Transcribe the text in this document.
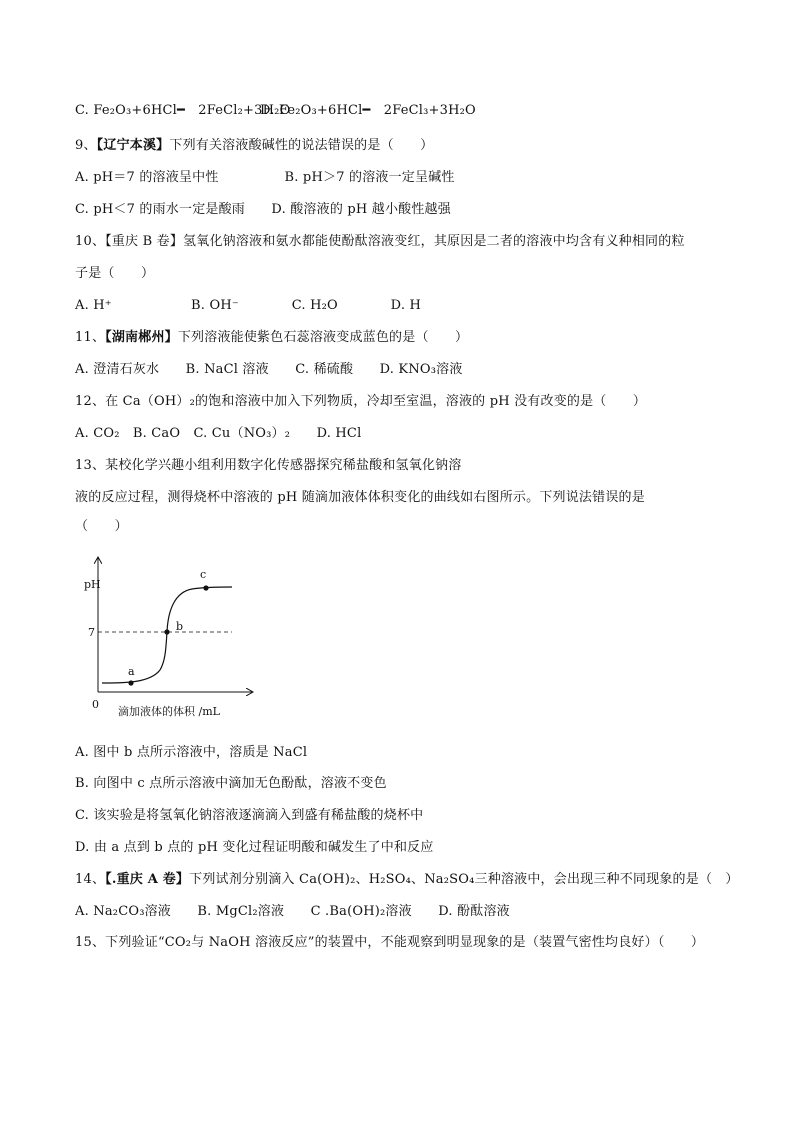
C. Fe₂O₃+6HCl━ 2FeCl₂+3H₂O
D. Fe₂O₃+6HCl━ 2FeCl₃+3H₂O
9、【辽宁本溪】下列有关溶液酸碱性的说法错误的是（　　）
A. pH＝7 的溶液呈中性　　　　　B. pH＞7 的溶液一定呈碱性
C. pH＜7 的雨水一定是酸雨　　D. 酸溶液的 pH 越小酸性越强
10、【重庆 B 卷】氢氧化钠溶液和氨水都能使酚酞溶液变红，其原因是二者的溶液中均含有义种相同的粒
子是（　　）
A. H⁺　　　　　　B. OH⁻　　　　C. H₂O　　　　D. H
11、【湖南郴州】下列溶液能使紫色石蕊溶液变成蓝色的是（　　）
A. 澄清石灰水　　B. NaCl 溶液　　C. 稀硫酸　　D. KNO₃溶液
12、在 Ca（OH）₂的饱和溶液中加入下列物质，冷却至室温，溶液的 pH 没有改变的是（　　）
A. CO₂　B. CaO　C. Cu（NO₃）₂　　D. HCl
13、某校化学兴趣小组利用数字化传感器探究稀盐酸和氢氧化钠溶
液的反应过程，测得烧杯中溶液的 pH 随滴加液体体积变化的曲线如右图所示。下列说法错误的是
（　　）
a
b
c
pH
7
0
滴加液体的体积 /mL
A. 图中 b 点所示溶液中，溶质是 NaCl
B. 向图中 c 点所示溶液中滴加无色酚酞，溶液不变色
C. 该实验是将氢氧化钠溶液逐滴滴入到盛有稀盐酸的烧杯中
D. 由 a 点到 b 点的 pH 变化过程证明酸和碱发生了中和反应
14、【.重庆 A 卷】下列试剂分别滴入 Ca(OH)₂、H₂SO₄、Na₂SO₄三种溶液中，会出现三种不同现象的是（　）
A. Na₂CO₃溶液　　B. MgCl₂溶液　　C .Ba(OH)₂溶液　　D. 酚酞溶液
15、下列验证“CO₂与 NaOH 溶液反应”的装置中，不能观察到明显现象的是（装置气密性均良好）（　　）
